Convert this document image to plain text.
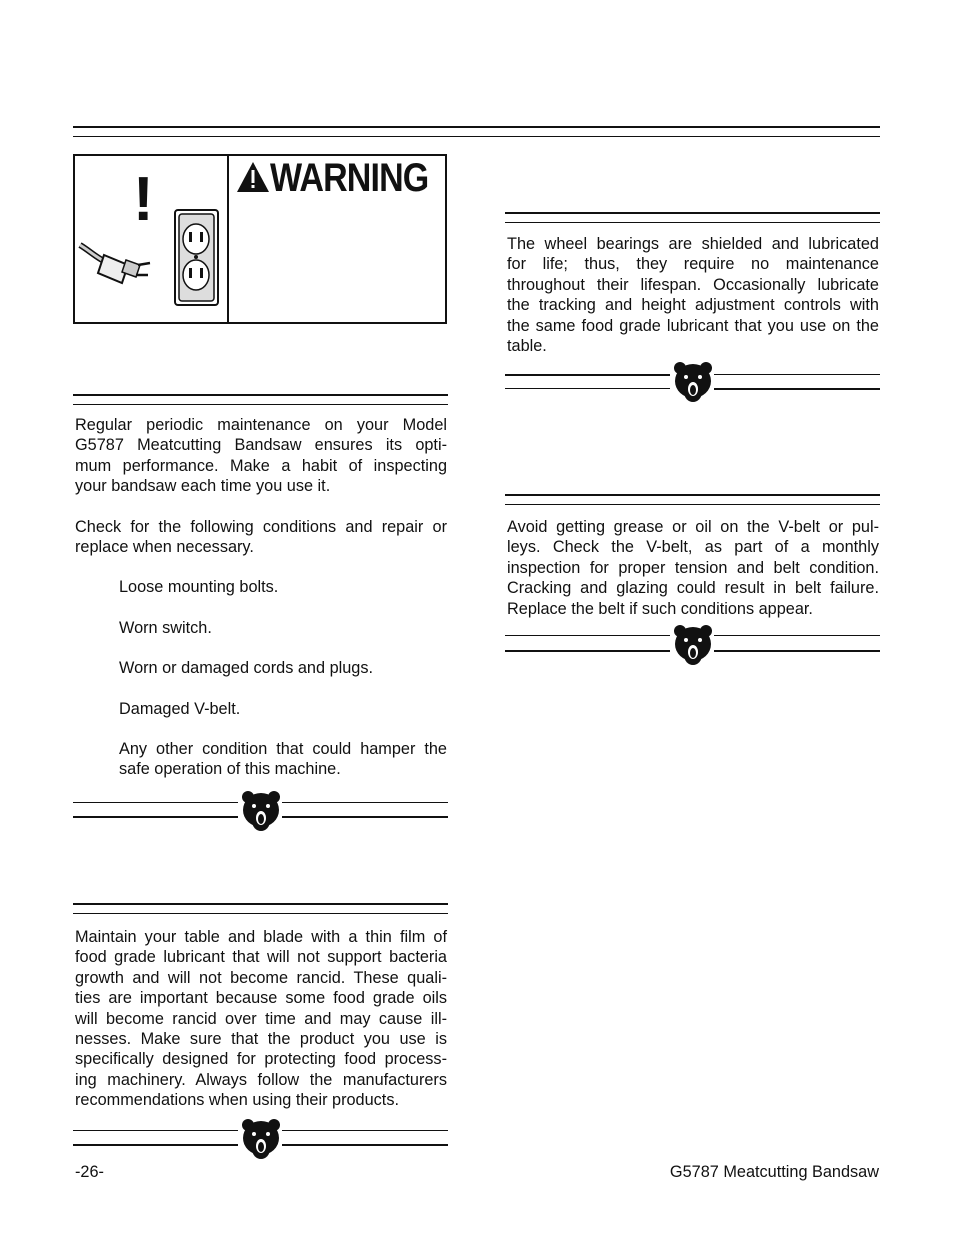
!	WARNING
Regular periodic maintenance on your Model
G5787 Meatcutting Bandsaw ensures its opti-
mum performance. Make a habit of inspecting
your bandsaw each time you use it.
Check for the following conditions and repair or
replace when necessary.
Loose mounting bolts.
Worn switch.
Worn or damaged cords and plugs.
Damaged V-belt.
Any other condition that could hamper the
safe operation of this machine.
Maintain your table and blade with a thin film of
food grade lubricant that will not support bacteria
growth and will not become rancid. These quali-
ties are important because some food grade oils
will become rancid over time and may cause ill-
nesses. Make sure that the product you use is
specifically designed for protecting food process-
ing machinery. Always follow the manufacturers
recommendations when using their products.
The wheel bearings are shielded and lubricated
for life; thus, they require no maintenance
throughout their lifespan. Occasionally lubricate
the tracking and height adjustment controls with
the same food grade lubricant that you use on the
table.
Avoid getting grease or oil on the V-belt or pul-
leys. Check the V-belt, as part of a monthly
inspection for proper tension and belt condition.
Cracking and glazing could result in belt failure.
Replace the belt if such conditions appear.
-26-	G5787 Meatcutting Bandsaw
